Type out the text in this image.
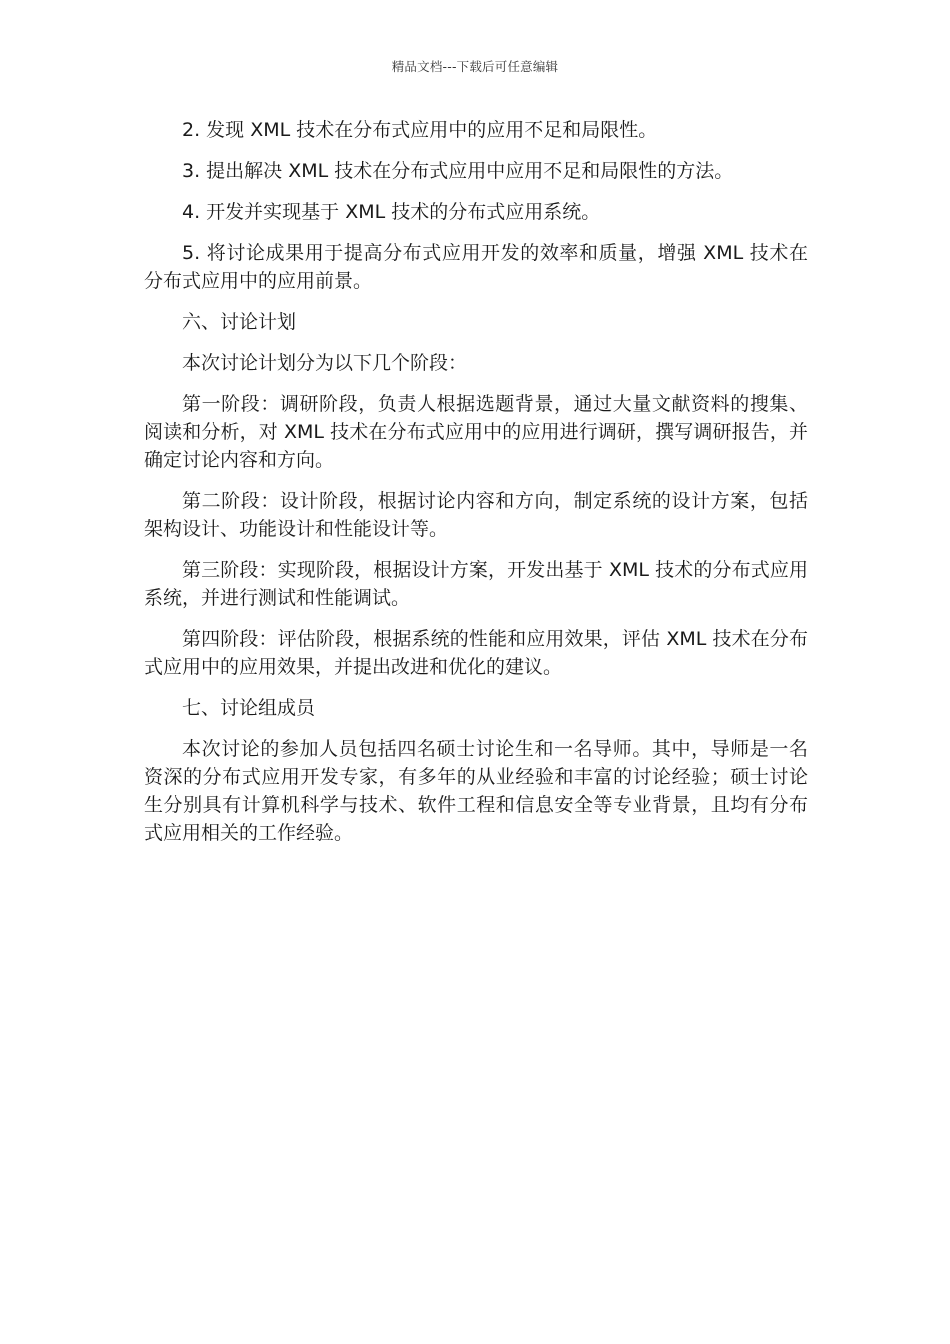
精品文档---下载后可任意编辑

2. 发现 XML 技术在分布式应用中的应用不足和局限性。

3. 提出解决 XML 技术在分布式应用中应用不足和局限性的方法。

4. 开发并实现基于 XML 技术的分布式应用系统。

5. 将讨论成果用于提高分布式应用开发的效率和质量，增强 XML 技术在分布式应用中的应用前景。

六、讨论计划

本次讨论计划分为以下几个阶段：

第一阶段：调研阶段，负责人根据选题背景，通过大量文献资料的搜集、阅读和分析，对 XML 技术在分布式应用中的应用进行调研，撰写调研报告，并确定讨论内容和方向。

第二阶段：设计阶段，根据讨论内容和方向，制定系统的设计方案，包括架构设计、功能设计和性能设计等。

第三阶段：实现阶段，根据设计方案，开发出基于 XML 技术的分布式应用系统，并进行测试和性能调试。

第四阶段：评估阶段，根据系统的性能和应用效果，评估 XML 技术在分布式应用中的应用效果，并提出改进和优化的建议。

七、讨论组成员

本次讨论的参加人员包括四名硕士讨论生和一名导师。其中，导师是一名资深的分布式应用开发专家，有多年的从业经验和丰富的讨论经验；硕士讨论生分别具有计算机科学与技术、软件工程和信息安全等专业背景，且均有分布式应用相关的工作经验。
